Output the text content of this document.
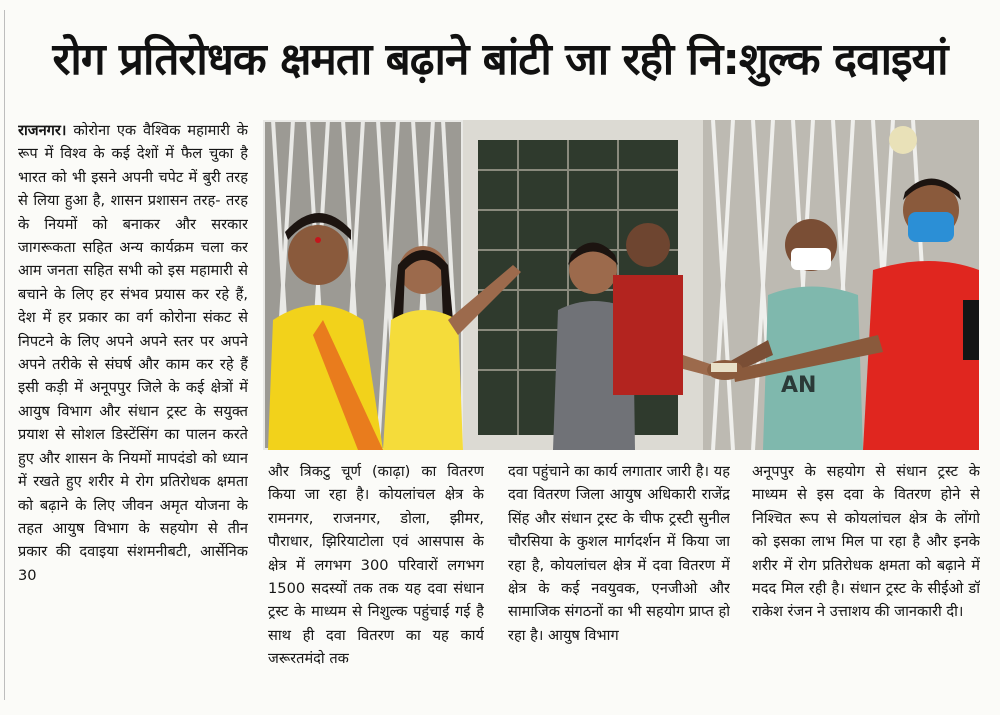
रोग प्रतिरोधक क्षमता बढ़ाने बांटी जा रही नि:शुल्क दवाइयां
राजनगर। कोरोना एक वैश्विक महामारी के रूप में विश्व के कई देशों में फैल चुका है भारत को भी इसने अपनी चपेट में बुरी तरह से लिया हुआ है, शासन प्रशासन तरह- तरह के नियमों को बनाकर और सरकार जागरूकता सहित अन्य कार्यक्रम चला कर आम जनता सहित सभी को इस महामारी से बचाने के लिए हर संभव प्रयास कर रहे हैं, देश में हर प्रकार का वर्ग कोरोना संकट से निपटने के लिए अपने अपने स्तर पर अपने अपने तरीके से संघर्ष और काम कर रहे हैं इसी कड़ी में अनूपपुर जिले के कई क्षेत्रों में आयुष विभाग और संधान ट्रस्ट के सयुक्त प्रयाश से सोशल डिस्टेंसिंग का पालन करते हुए और शासन के नियमों मापदंडो को ध्यान में रखते हुए शरीर मे रोग प्रतिरोधक क्षमता को बढ़ाने के लिए जीवन अमृत योजना के तहत आयुष विभाग के सहयोग से तीन प्रकार की दवाइया संशमनीबटी, आर्सेनिक 30
AN
और त्रिकटु चूर्ण (काढ़ा) का वितरण किया जा रहा है। कोयलांचल क्षेत्र के रामनगर, राजनगर, डोला, झीमर, पौराधार, झिरियाटोला एवं आसपास के क्षेत्र में लगभग 300 परिवारों लगभग 1500 सदस्यों तक तक यह दवा संधान ट्रस्ट के माध्यम से निशुल्क पहुंचाई गई है साथ ही दवा वितरण का यह कार्य जरूरतमंदो तक
दवा पहुंचाने का कार्य लगातार जारी है। यह दवा वितरण जिला आयुष अधिकारी राजेंद्र सिंह और संधान ट्रस्ट के चीफ ट्रस्टी सुनील चौरसिया के कुशल मार्गदर्शन में किया जा रहा है, कोयलांचल क्षेत्र में दवा वितरण में क्षेत्र के कई नवयुवक, एनजीओ और सामाजिक संगठनों का भी सहयोग प्राप्त हो रहा है। आयुष विभाग
अनूपपुर के सहयोग से संधान ट्रस्ट के माध्यम से इस दवा के वितरण होने से निश्चित रूप से कोयलांचल क्षेत्र के लोंगो को इसका लाभ मिल पा रहा है और इनके शरीर में रोग प्रतिरोधक क्षमता को बढ़ाने में मदद मिल रही है। संधान ट्रस्ट के सीईओ डॉ राकेश रंजन ने उत्ताशय की जानकारी दी।
